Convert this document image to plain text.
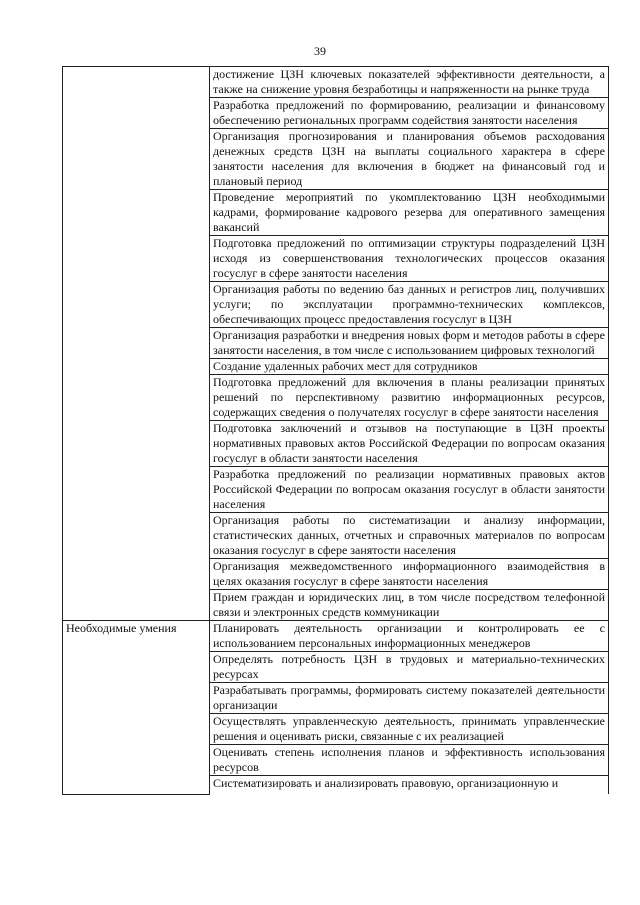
39
	достижение ЦЗН ключевых показателей эффективности деятельности, а также на снижение уровня безработицы и напряженности на рынке труда
	Разработка предложений по формированию, реализации и финансовому обеспечению региональных программ содействия занятости населения
	Организация прогнозирования и планирования объемов расходования денежных средств ЦЗН на выплаты социального характера в сфере занятости населения для включения в бюджет на финансовый год и плановый период
	Проведение мероприятий по укомплектованию ЦЗН необходимыми кадрами, формирование кадрового резерва для оперативного замещения вакансий
	Подготовка предложений по оптимизации структуры подразделений ЦЗН исходя из совершенствования технологических процессов оказания госуслуг в сфере занятости населения
	Организация работы по ведению баз данных и регистров лиц, получивших услуги; по эксплуатации программно-технических комплексов, обеспечивающих процесс предоставления госуслуг в ЦЗН
	Организация разработки и внедрения новых форм и методов работы в сфере занятости населения, в том числе с использованием цифровых технологий
	Создание удаленных рабочих мест для сотрудников
	Подготовка предложений для включения в планы реализации принятых решений по перспективному развитию информационных ресурсов, содержащих сведения о получателях госуслуг в сфере занятости населения
	Подготовка заключений и отзывов на поступающие в ЦЗН проекты нормативных правовых актов Российской Федерации по вопросам оказания госуслуг в области занятости населения
	Разработка предложений по реализации нормативных правовых актов Российской Федерации по вопросам оказания госуслуг в области занятости населения
	Организация работы по систематизации и анализу информации, статистических данных, отчетных и справочных материалов по вопросам оказания госуслуг в сфере занятости населения
	Организация межведомственного информационного взаимодействия в целях оказания госуслуг в сфере занятости населения
	Прием граждан и юридических лиц, в том числе посредством телефонной связи и электронных средств коммуникации
Необходимые умения	Планировать деятельность организации и контролировать ее с использованием персональных информационных менеджеров
	Определять потребность ЦЗН в трудовых и материально-технических ресурсах
	Разрабатывать программы, формировать систему показателей деятельности организации
	Осуществлять управленческую деятельность, принимать управленческие решения и оценивать риски, связанные с их реализацией
	Оценивать степень исполнения планов и эффективность использования ресурсов
	Систематизировать и анализировать правовую, организационную и
